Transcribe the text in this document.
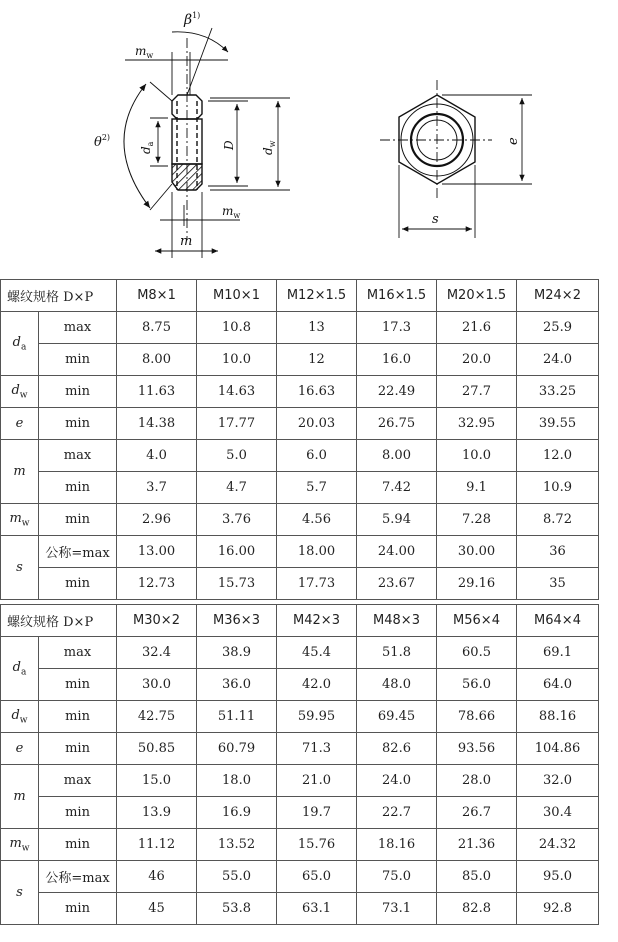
$\beta^{1)}$
$\theta^{2)}$
$m_w$
$m_w$
m
$d_a$	D
$d_w$	e
s
螺纹规格 D×P		M8×1	M10×1	M12×1.5	M16×1.5	M20×1.5	M24×2
$d_a$	max	8.75	10.8	13	17.3	21.6	25.9
	min	8.00	10.0	12	16.0	20.0	24.0
$d_w$	min	11.63	14.63	16.63	22.49	27.7	33.25
e	min	14.38	17.77	20.03	26.75	32.95	39.55
m	max	4.0	5.0	6.0	8.00	10.0	12.0
	min	3.7	4.7	5.7	7.42	9.1	10.9
$m_w$	min	2.96	3.76	4.56	5.94	7.28	8.72
s	公称=max	13.00	16.00	18.00	24.00	30.00	36
	min	12.73	15.73	17.73	23.67	29.16	35
螺纹规格 D×P		M30×2	M36×3	M42×3	M48×3	M56×4	M64×4
$d_a$	max	32.4	38.9	45.4	51.8	60.5	69.1
	min	30.0	36.0	42.0	48.0	56.0	64.0
$d_w$	min	42.75	51.11	59.95	69.45	78.66	88.16
e	min	50.85	60.79	71.3	82.6	93.56	104.86
m	max	15.0	18.0	21.0	24.0	28.0	32.0
	min	13.9	16.9	19.7	22.7	26.7	30.4
$m_w$	min	11.12	13.52	15.76	18.16	21.36	24.32
s	公称=max	46	55.0	65.0	75.0	85.0	95.0
	min	45	53.8	63.1	73.1	82.8	92.8
